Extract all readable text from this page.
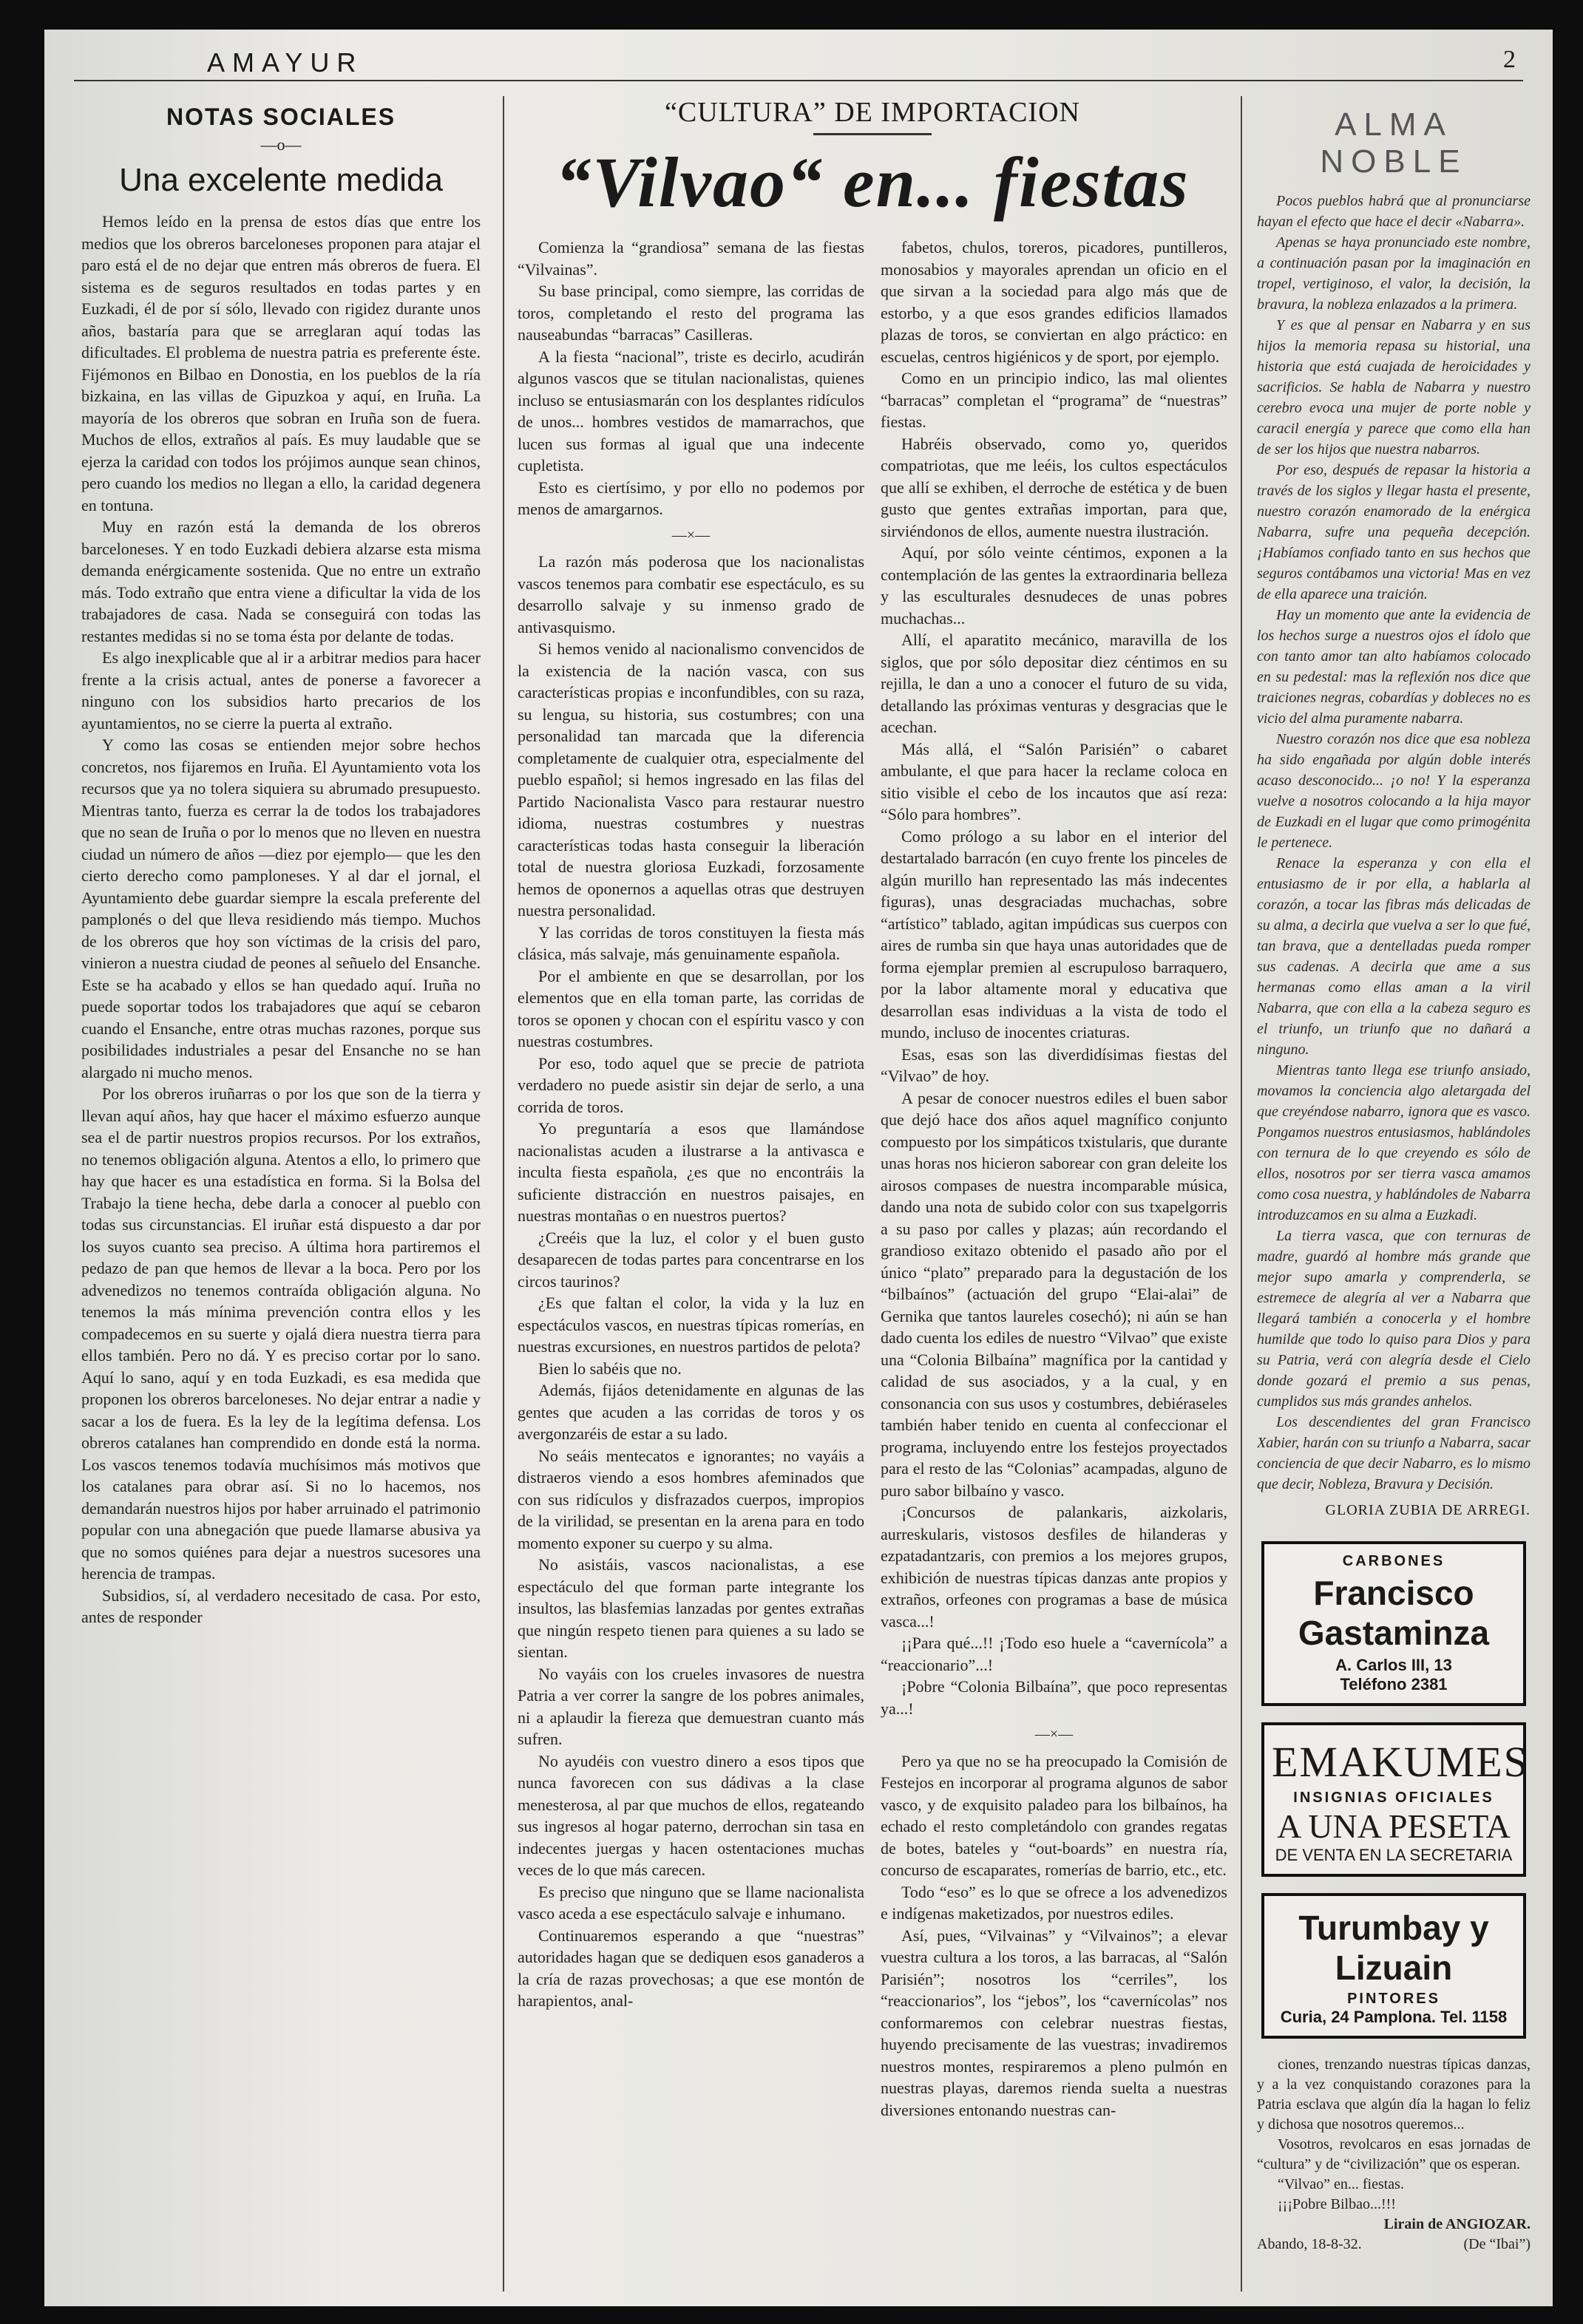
AMAYUR	2
NOTAS SOCIALES
—o—
Una excelente medida

Hemos leído en la prensa de estos días que entre los medios que los obreros barceloneses proponen para atajar el paro está el de no dejar que entren más obreros de fuera. El sistema es de seguros resultados en todas partes y en Euzkadi, él de por sí sólo, llevado con rigidez durante unos años, bastaría para que se arreglaran aquí todas las dificultades. El problema de nuestra patria es preferente éste. Fijémonos en Bilbao en Donostia, en los pueblos de la ría bizkaina, en las villas de Gipuzkoa y aquí, en Iruña. La mayoría de los obreros que sobran en Iruña son de fuera. Muchos de ellos, extraños al país. Es muy laudable que se ejerza la caridad con todos los prójimos aunque sean chinos, pero cuando los medios no llegan a ello, la caridad degenera en tontuna.

Muy en razón está la demanda de los obreros barceloneses. Y en todo Euzkadi debiera alzarse esta misma demanda enérgicamente sostenida. Que no entre un extraño más. Todo extraño que entra viene a dificultar la vida de los trabajadores de casa. Nada se conseguirá con todas las restantes medidas si no se toma ésta por delante de todas.

Es algo inexplicable que al ir a arbitrar medios para hacer frente a la crisis actual, antes de ponerse a favorecer a ninguno con los subsidios harto precarios de los ayuntamientos, no se cierre la puerta al extraño.

Y como las cosas se entienden mejor sobre hechos concretos, nos fijaremos en Iruña. El Ayuntamiento vota los recursos que ya no tolera siquiera su abrumado presupuesto. Mientras tanto, fuerza es cerrar la de todos los trabajadores que no sean de Iruña o por lo menos que no lleven en nuestra ciudad un número de años —diez por ejemplo— que les den cierto derecho como pamploneses. Y al dar el jornal, el Ayuntamiento debe guardar siempre la escala preferente del pamplonés o del que lleva residiendo más tiempo. Muchos de los obreros que hoy son víctimas de la crisis del paro, vinieron a nuestra ciudad de peones al señuelo del Ensanche. Este se ha acabado y ellos se han quedado aquí. Iruña no puede soportar todos los trabajadores que aquí se cebaron cuando el Ensanche, entre otras muchas razones, porque sus posibilidades industriales a pesar del Ensanche no se han alargado ni mucho menos.

Por los obreros iruñarras o por los que son de la tierra y llevan aquí años, hay que hacer el máximo esfuerzo aunque sea el de partir nuestros propios recursos. Por los extraños, no tenemos obligación alguna. Atentos a ello, lo primero que hay que hacer es una estadística en forma. Si la Bolsa del Trabajo la tiene hecha, debe darla a conocer al pueblo con todas sus circunstancias. El iruñar está dispuesto a dar por los suyos cuanto sea preciso. A última hora partiremos el pedazo de pan que hemos de llevar a la boca. Pero por los advenedizos no tenemos contraída obligación alguna. No tenemos la más mínima prevención contra ellos y les compadecemos en su suerte y ojalá diera nuestra tierra para ellos también. Pero no dá. Y es preciso cortar por lo sano. Aquí lo sano, aquí y en toda Euzkadi, es esa medida que proponen los obreros barceloneses. No dejar entrar a nadie y sacar a los de fuera. Es la ley de la legítima defensa. Los obreros catalanes han comprendido en donde está la norma. Los vascos tenemos todavía muchísimos más motivos que los catalanes para obrar así. Si no lo hacemos, nos demandarán nuestros hijos por haber arruinado el patrimonio popular con una abnegación que puede llamarse abusiva ya que no somos quiénes para dejar a nuestros sucesores una herencia de trampas.

Subsidios, sí, al verdadero necesitado de casa. Por esto, antes de responder

“CULTURA” DE IMPORTACION
“Vilvao“ en... fiestas

Comienza la “grandiosa” semana de las fiestas “Vilvainas”.

Su base principal, como siempre, las corridas de toros, completando el resto del programa las nauseabundas “barracas” Casilleras.

A la fiesta “nacional”, triste es decirlo, acudirán algunos vascos que se titulan nacionalistas, quienes incluso se entusiasmarán con los desplantes ridículos de unos... hombres vestidos de mamarrachos, que lucen sus formas al igual que una indecente cupletista.

Esto es ciertísimo, y por ello no podemos por menos de amargarnos.

—×—

La razón más poderosa que los nacionalistas vascos tenemos para combatir ese espectáculo, es su desarrollo salvaje y su inmenso grado de antivasquismo.

Si hemos venido al nacionalismo convencidos de la existencia de la nación vasca, con sus características propias e inconfundibles, con su raza, su lengua, su historia, sus costumbres; con una personalidad tan marcada que la diferencia completamente de cualquier otra, especialmente del pueblo español; si hemos ingresado en las filas del Partido Nacionalista Vasco para restaurar nuestro idioma, nuestras costumbres y nuestras características todas hasta conseguir la liberación total de nuestra gloriosa Euzkadi, forzosamente hemos de oponernos a aquellas otras que destruyen nuestra personalidad.

Y las corridas de toros constituyen la fiesta más clásica, más salvaje, más genuinamente española.

Por el ambiente en que se desarrollan, por los elementos que en ella toman parte, las corridas de toros se oponen y chocan con el espíritu vasco y con nuestras costumbres.

Por eso, todo aquel que se precie de patriota verdadero no puede asistir sin dejar de serlo, a una corrida de toros.

Yo preguntaría a esos que llamándose nacionalistas acuden a ilustrarse a la antivasca e inculta fiesta española, ¿es que no encontráis la suficiente distracción en nuestros paisajes, en nuestras montañas o en nuestros puertos?

¿Creéis que la luz, el color y el buen gusto desaparecen de todas partes para concentrarse en los circos taurinos?

¿Es que faltan el color, la vida y la luz en espectáculos vascos, en nuestras típicas romerías, en nuestras excursiones, en nuestros partidos de pelota?

Bien lo sabéis que no.

Además, fijáos detenidamente en algunas de las gentes que acuden a las corridas de toros y os avergonzaréis de estar a su lado.

No seáis mentecatos e ignorantes; no vayáis a distraeros viendo a esos hombres afeminados que con sus ridículos y disfrazados cuerpos, impropios de la virilidad, se presentan en la arena para en todo momento exponer su cuerpo y su alma.

No asistáis, vascos nacionalistas, a ese espectáculo del que forman parte integrante los insultos, las blasfemias lanzadas por gentes extrañas que ningún respeto tienen para quienes a su lado se sientan.

No vayáis con los crueles invasores de nuestra Patria a ver correr la sangre de los pobres animales, ni a aplaudir la fiereza que demuestran cuanto más sufren.

No ayudéis con vuestro dinero a esos tipos que nunca favorecen con sus dádivas a la clase menesterosa, al par que muchos de ellos, regateando sus ingresos al hogar paterno, derrochan sin tasa en indecentes juergas y hacen ostentaciones muchas veces de lo que más carecen.

Es preciso que ninguno que se llame nacionalista vasco aceda a ese espectáculo salvaje e inhumano.

Continuaremos esperando a que “nuestras” autoridades hagan que se dediquen esos ganaderos a la cría de razas provechosas; a que ese montón de harapientos, anal-

fabetos, chulos, toreros, picadores, puntilleros, monosabios y mayorales aprendan un oficio en el que sirvan a la sociedad para algo más que de estorbo, y a que esos grandes edificios llamados plazas de toros, se conviertan en algo práctico: en escuelas, centros higiénicos y de sport, por ejemplo.

Como en un principio indico, las mal olientes “barracas” completan el “programa” de “nuestras” fiestas.

Habréis observado, como yo, queridos compatriotas, que me leéis, los cultos espectáculos que allí se exhiben, el derroche de estética y de buen gusto que gentes extrañas importan, para que, sirviéndonos de ellos, aumente nuestra ilustración.

Aquí, por sólo veinte céntimos, exponen a la contemplación de las gentes la extraordinaria belleza y las esculturales desnudeces de unas pobres muchachas...

Allí, el aparatito mecánico, maravilla de los siglos, que por sólo depositar diez céntimos en su rejilla, le dan a uno a conocer el futuro de su vida, detallando las próximas venturas y desgracias que le acechan.

Más allá, el “Salón Parisién” o cabaret ambulante, el que para hacer la reclame coloca en sitio visible el cebo de los incautos que así reza: “Sólo para hombres”.

Como prólogo a su labor en el interior del destartalado barracón (en cuyo frente los pinceles de algún murillo han representado las más indecentes figuras), unas desgraciadas muchachas, sobre “artístico” tablado, agitan impúdicas sus cuerpos con aires de rumba sin que haya unas autoridades que de forma ejemplar premien al escrupuloso barraquero, por la labor altamente moral y educativa que desarrollan esas individuas a la vista de todo el mundo, incluso de inocentes criaturas.

Esas, esas son las diverdidísimas fiestas del “Vilvao” de hoy.

A pesar de conocer nuestros ediles el buen sabor que dejó hace dos años aquel magnífico conjunto compuesto por los simpáticos txistularis, que durante unas horas nos hicieron saborear con gran deleite los airosos compases de nuestra incomparable música, dando una nota de subido color con sus txapelgorris a su paso por calles y plazas; aún recordando el grandioso exitazo obtenido el pasado año por el único “plato” preparado para la degustación de los “bilbaínos” (actuación del grupo “Elai-alai” de Gernika que tantos laureles cosechó); ni aún se han dado cuenta los ediles de nuestro “Vilvao” que existe una “Colonia Bilbaína” magnífica por la cantidad y calidad de sus asociados, y a la cual, y en consonancia con sus usos y costumbres, debiéraseles también haber tenido en cuenta al confeccionar el programa, incluyendo entre los festejos proyectados para el resto de las “Colonias” acampadas, alguno de puro sabor bilbaíno y vasco.

¡Concursos de palankaris, aizkolaris, aurreskularis, vistosos desfiles de hilanderas y ezpatadantzaris, con premios a los mejores grupos, exhibición de nuestras típicas danzas ante propios y extraños, orfeones con programas a base de música vasca...!

¡¡Para qué...!! ¡Todo eso huele a “cavernícola” a “reaccionario”...!

¡Pobre “Colonia Bilbaína”, que poco representas ya...!

—×—

Pero ya que no se ha preocupado la Comisión de Festejos en incorporar al programa algunos de sabor vasco, y de exquisito paladeo para los bilbaínos, ha echado el resto completándolo con grandes regatas de botes, bateles y “out-boards” en nuestra ría, concurso de escaparates, romerías de barrio, etc., etc.

Todo “eso” es lo que se ofrece a los advenedizos e indígenas maketizados, por nuestros ediles.

Así, pues, “Vilvainas” y “Vilvainos”; a elevar vuestra cultura a los toros, a las barracas, al “Salón Parisién”; nosotros los “cerriles”, los “reaccionarios”, los “jebos”, los “cavernícolas” nos conformaremos con celebrar nuestras fiestas, huyendo precisamente de las vuestras; invadiremos nuestros montes, respiraremos a pleno pulmón en nuestras playas, daremos rienda suelta a nuestras diversiones entonando nuestras can-

ALMA NOBLE

Pocos pueblos habrá que al pronunciarse hayan el efecto que hace el decir «Nabarra».

Apenas se haya pronunciado este nombre, a continuación pasan por la imaginación en tropel, vertiginoso, el valor, la decisión, la bravura, la nobleza enlazados a la primera.

Y es que al pensar en Nabarra y en sus hijos la memoria repasa su historial, una historia que está cuajada de heroicidades y sacrificios. Se habla de Nabarra y nuestro cerebro evoca una mujer de porte noble y caracil energía y parece que como ella han de ser los hijos que nuestra nabarros.

Por eso, después de repasar la historia a través de los siglos y llegar hasta el presente, nuestro corazón enamorado de la enérgica Nabarra, sufre una pequeña decepción. ¡Habíamos confiado tanto en sus hechos que seguros contábamos una victoria! Mas en vez de ella aparece una traición.

Hay un momento que ante la evidencia de los hechos surge a nuestros ojos el ídolo que con tanto amor tan alto habíamos colocado en su pedestal: mas la reflexión nos dice que traiciones negras, cobardías y dobleces no es vicio del alma puramente nabarra.

Nuestro corazón nos dice que esa nobleza ha sido engañada por algún doble interés acaso desconocido... ¡o no! Y la esperanza vuelve a nosotros colocando a la hija mayor de Euzkadi en el lugar que como primogénita le pertenece.

Renace la esperanza y con ella el entusiasmo de ir por ella, a hablarla al corazón, a tocar las fibras más delicadas de su alma, a decirla que vuelva a ser lo que fué, tan brava, que a dentelladas pueda romper sus cadenas. A decirla que ame a sus hermanas como ellas aman a la viril Nabarra, que con ella a la cabeza seguro es el triunfo, un triunfo que no dañará a ninguno.

Mientras tanto llega ese triunfo ansiado, movamos la conciencia algo aletargada del que creyéndose nabarro, ignora que es vasco. Pongamos nuestros entusiasmos, hablándoles con ternura de lo que creyendo es sólo de ellos, nosotros por ser tierra vasca amamos como cosa nuestra, y hablándoles de Nabarra introduzcamos en su alma a Euzkadi.

La tierra vasca, que con ternuras de madre, guardó al hombre más grande que mejor supo amarla y comprenderla, se estremece de alegría al ver a Nabarra que llegará también a conocerla y el hombre humilde que todo lo quiso para Dios y para su Patria, verá con alegría desde el Cielo donde gozará el premio a sus penas, cumplidos sus más grandes anhelos.

Los descendientes del gran Francisco Xabier, harán con su triunfo a Nabarra, sacar conciencia de que decir Nabarro, es lo mismo que decir, Nobleza, Bravura y Decisión.

GLORIA ZUBIA DE ARREGI.
CARBONES
Francisco Gastaminza
A. Carlos III, 13
Teléfono 2381
EMAKUMES
INSIGNIAS OFICIALES
A UNA PESETA
DE VENTA EN LA SECRETARIA
Turumbay y Lizuain
PINTORES
Curia, 24 Pamplona. Tel. 1158

ciones, trenzando nuestras típicas danzas, y a la vez conquistando corazones para la Patria esclava que algún día la hagan lo feliz y dichosa que nosotros queremos...

Vosotros, revolcaros en esas jornadas de “cultura” y de “civilización” que os esperan.

“Vilvao” en... fiestas.

¡¡¡Pobre Bilbao...!!!

Lirain de ANGIOZAR.
Abando, 18-8-32.	(De “Ibai”)
